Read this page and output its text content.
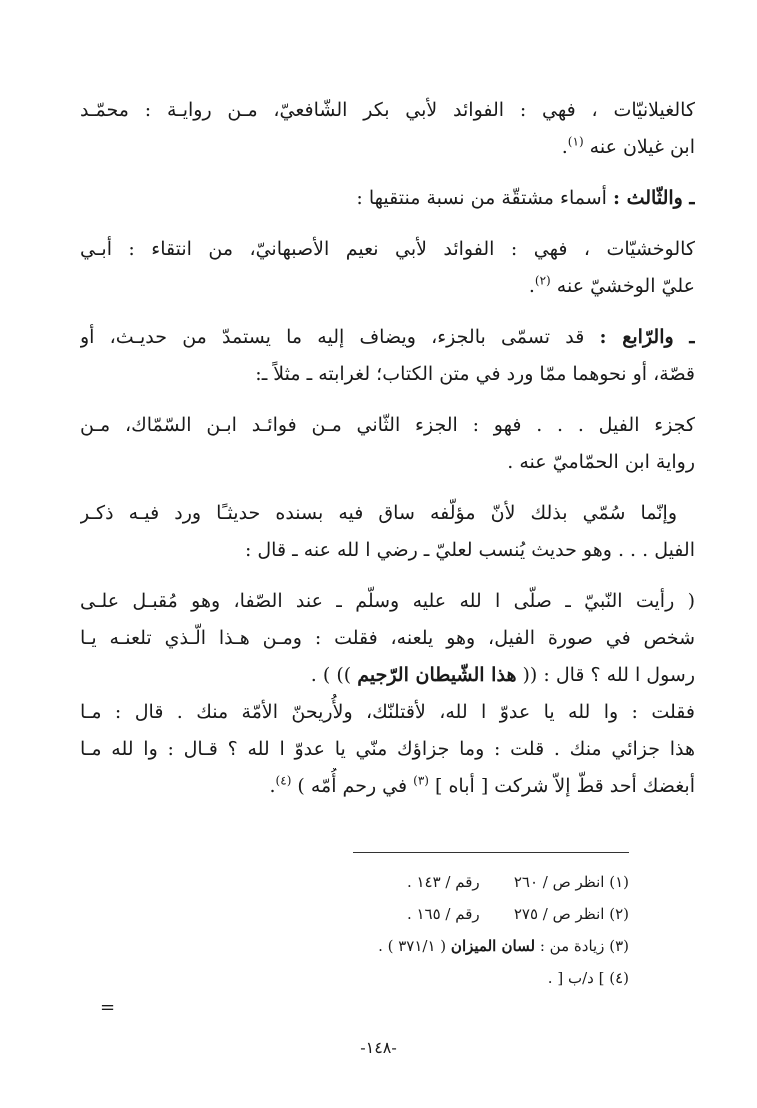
كالغيلانيّات ، فهي : الفوائد لأبي بكر الشّافعيّ، مـن روايـة : محمّـد
ابن غيلان عنه $^{(١)}$.
ـ والثّالث : أسماء مشتقّة من نسبة منتقيها :
كالوخشيّات ، فهي : الفوائد لأبي نعيم الأصبهانيّ، من انتقاء : أبـي
عليّ الوخشيّ عنه $^{(٢)}$.
ـ والرّابع : قد تسمّى بالجزء، ويضاف إليه ما يستمدّ من حديـث، أو
قصّة، أو نحوهما ممّا ورد في متن الكتاب؛ لغرابته ـ مثلاً ـ:
كجزء الفيل . . . فهو : الجزء الثّاني مـن فوائـد ابـن السّمّاك، مـن
رواية ابن الحمّاميّ عنه .
وإنّما سُمّي بذلك لأنّ مؤلّفه ساق فيه بسنده حديثـًا ورد فيـه ذكـر
الفيل . . . وهو حديث يُنسب لعليّ ـ رضي ا لله عنه ـ قال :
( رأيت النّبيّ ـ صلّى ا لله عليه وسلّم ـ عند الصّفا، وهو مُقبـل علـى
شخص في صورة الفيل، وهو يلعنه، فقلت : ومـن هـذا الّـذي تلعنـه يـا
رسول ا لله ؟ قال : (( هذا الشّيطان الرّجيم )) ) .
فقلت : وا لله يا عدوّ ا لله، لأقتلنّك، ولأُريحنّ الأمّة منك . قال : مـا
هذا جزائي منك . قلت : وما جزاؤك منّي يا عدوّ ا لله ؟ قـال : وا لله مـا
أبغضك أحد قطّ إلاّ شركت [ أباه ] $^{(٣)}$ في رحم أُمّه ) $^{(٤)}$.
(١) انظر ص / ٢٦٠ رقم / ١٤٣ .
(٢) انظر ص / ٢٧٥ رقم / ١٦٥ .
(٣) زيادة من : لسان الميزان ( ٣٧١/١ ) .
(٤) ] د/ب [ .
=
-١٤٨-
